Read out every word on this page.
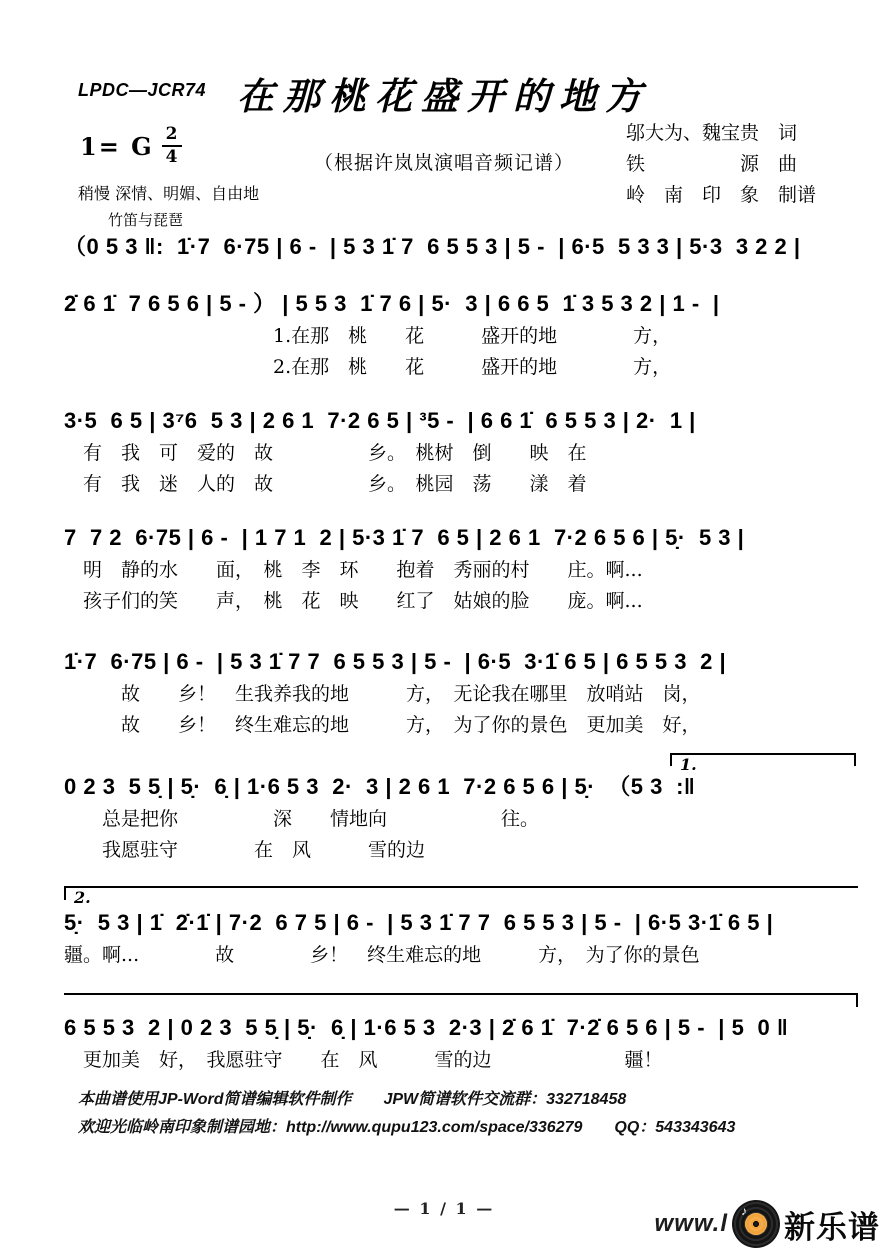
LPDC—JCR74 在那桃花盛开的地方
1= G $\frac{2}{4}$	（根据许岚岚演唱音频记谱）
稍慢 深情、明媚、自由地
邬大为、魏宝贵　词
铁　　　　　源　曲
岭　南　印　象　制谱
竹笛与琵琶
（0 5 3 ‖:  1̇·7  6·75 | 6 -  | 5 3 1̇ 7  6 5 5 3 | 5 -  | 6·5  5 3 3 | 5·3  3 2 2 |
2̇ 6 1̇  7 6 5 6 | 5 - ） | 5 5 3  1̇ 7 6 | 5·  3 | 6 6 5  1̇ 3 5 3 2 | 1 -  |
　　　　　　　　　　　1.在那　桃　　花　　　盛开的地　　　　方，
　　　　　　　　　　　2.在那　桃　　花　　　盛开的地　　　　方，
3·5  6 5 | 3⁷6  5 3 | 2 6 1  7·2 6 5 | ³5 -  | 6 6 1̇  6 5 5 3 | 2·  1 |
　有　我　可　爱的　故　　　　　乡。　桃树　倒　　映　在
　有　我　迷　人的　故　　　　　乡。　桃园　荡　　漾　着
7  7 2  6·75 | 6 -  | 1 7 1  2 | 5·3 1̇ 7  6 5 | 2 6 1  7·2 6 5 6 | 5̣·  5 3 |
　明　静的水　　面，　桃　李　环　　抱着　秀丽的村　　庄。啊...
　孩子们的笑　　声，　桃　花　映　　红了　姑娘的脸　　庞。啊...
1̇·7  6·75 | 6 -  | 5 3 1̇ 7 7  6 5 5 3 | 5 -  | 6·5  3·1̇ 6 5 | 6 5 5 3  2 |
　　　故　　乡！　生我养我的地　　　方，　无论我在哪里　放哨站　岗，
　　　故　　乡！　终生难忘的地　　　方，　为了你的景色　更加美　好，
1.
0 2 3  5 5̣ | 5̣·  6̣ | 1·6 5 3  2·  3 | 2 6 1  7·2 6 5 6 | 5̣·  （5 3  :‖
　　总是把你　　　　　深　　情地向　　　　　　往。
　　我愿驻守　　　　在　风　　　雪的边
2.
5̣·  5 3 | 1̇  2̇·1̇ | 7·2  6 7 5 | 6 -  | 5 3 1̇ 7 7  6 5 5 3 | 5 -  | 6·5 3·1̇ 6 5 |
疆。啊...　　　　故　　　　乡！　终生难忘的地　　　方，　为了你的景色
6 5 5 3  2 | 0 2 3  5 5̣ | 5̣·  6̣ | 1·6 5 3  2·3 | 2̇ 6 1̇  7·2̇ 6 5 6 | 5 -  | 5  0 ‖
　更加美　好，　我愿驻守　　在　风　　　雪的边　　　　　　　疆！
本曲谱使用JP-Word简谱编辑软件制作　　JPW简谱软件交流群：332718458
欢迎光临岭南印象制谱园地：http://www.qupu123.com/space/336279　　QQ：543343643
— 1 / 1 —
www.l ♪ 新乐谱
